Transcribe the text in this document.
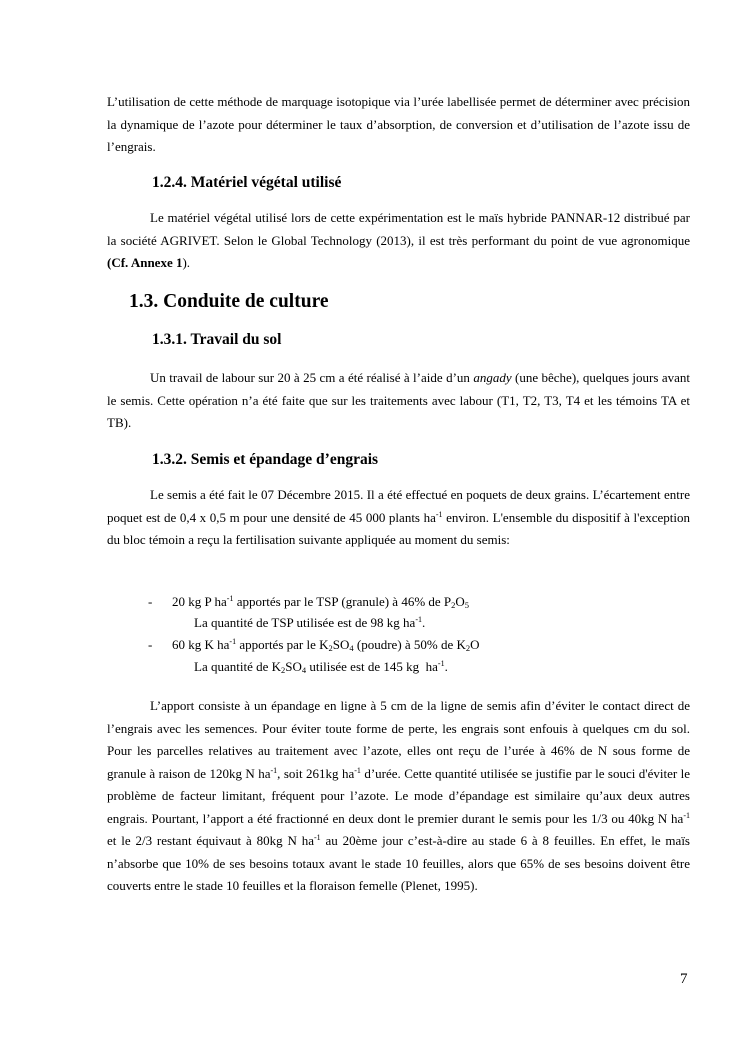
L’utilisation de cette méthode de marquage isotopique via l’urée labellisée permet de déterminer avec précision la dynamique de l’azote pour déterminer le taux d’absorption, de conversion et d’utilisation de l’azote issu de l’engrais.

1.2.4. Matériel végétal utilisé

Le matériel végétal utilisé lors de cette expérimentation est le maïs hybride PANNAR-12 distribué par la société AGRIVET. Selon le Global Technology (2013), il est très performant du point de vue agronomique (Cf. Annexe 1).

1.3. Conduite de culture
1.3.1. Travail du sol

Un travail de labour sur 20 à 25 cm a été réalisé à l’aide d’un angady (une bêche), quelques jours avant le semis. Cette opération n’a été faite que sur les traitements avec labour (T1, T2, T3, T4 et les témoins TA et TB).

1.3.2. Semis et épandage d’engrais

Le semis a été fait le 07 Décembre 2015. Il a été effectué en poquets de deux grains. L’écartement entre poquet est de 0,4 x 0,5 m pour une densité de 45 000 plants $ha^{-1}$ environ. L'ensemble du dispositif à l'exception du bloc témoin a reçu la fertilisation suivante appliquée au moment du semis:

- 20 kg P $ha^{-1}$ apportés par le TSP (granule) à 46% de $P_2O_5$

La quantité de TSP utilisée est de 98 kg $ha^{-1}$.

- 60 kg K $ha^{-1}$ apportés par le $K_2SO_4$ (poudre) à 50% de $K_2O$

La quantité de $K_2SO_4$ utilisée est de 145 kg  $ha^{-1}$.

L’apport consiste à un épandage en ligne à 5 cm de la ligne de semis afin d’éviter le contact direct de l’engrais avec les semences. Pour éviter toute forme de perte, les engrais sont enfouis à quelques cm du sol. Pour les parcelles relatives au traitement avec l’azote, elles ont reçu de l’urée à 46% de N sous forme de granule à raison de 120kg N $ha^{-1}$, soit 261kg $ha^{-1}$ d’urée. Cette quantité utilisée se justifie par le souci d'éviter le problème de facteur limitant, fréquent pour l’azote. Le mode d’épandage est similaire qu’aux deux autres engrais. Pourtant, l’apport a été fractionné en deux dont le premier durant le semis pour les 1/3 ou 40kg N $ha^{-1}$ et le 2/3 restant équivaut à 80kg N $ha^{-1}$ au 20ème jour c’est-à-dire au stade 6 à 8 feuilles. En effet, le maïs n’absorbe que 10% de ses besoins totaux avant le stade 10 feuilles, alors que 65% de ses besoins doivent être couverts entre le stade 10 feuilles et la floraison femelle (Plenet, 1995).

7
